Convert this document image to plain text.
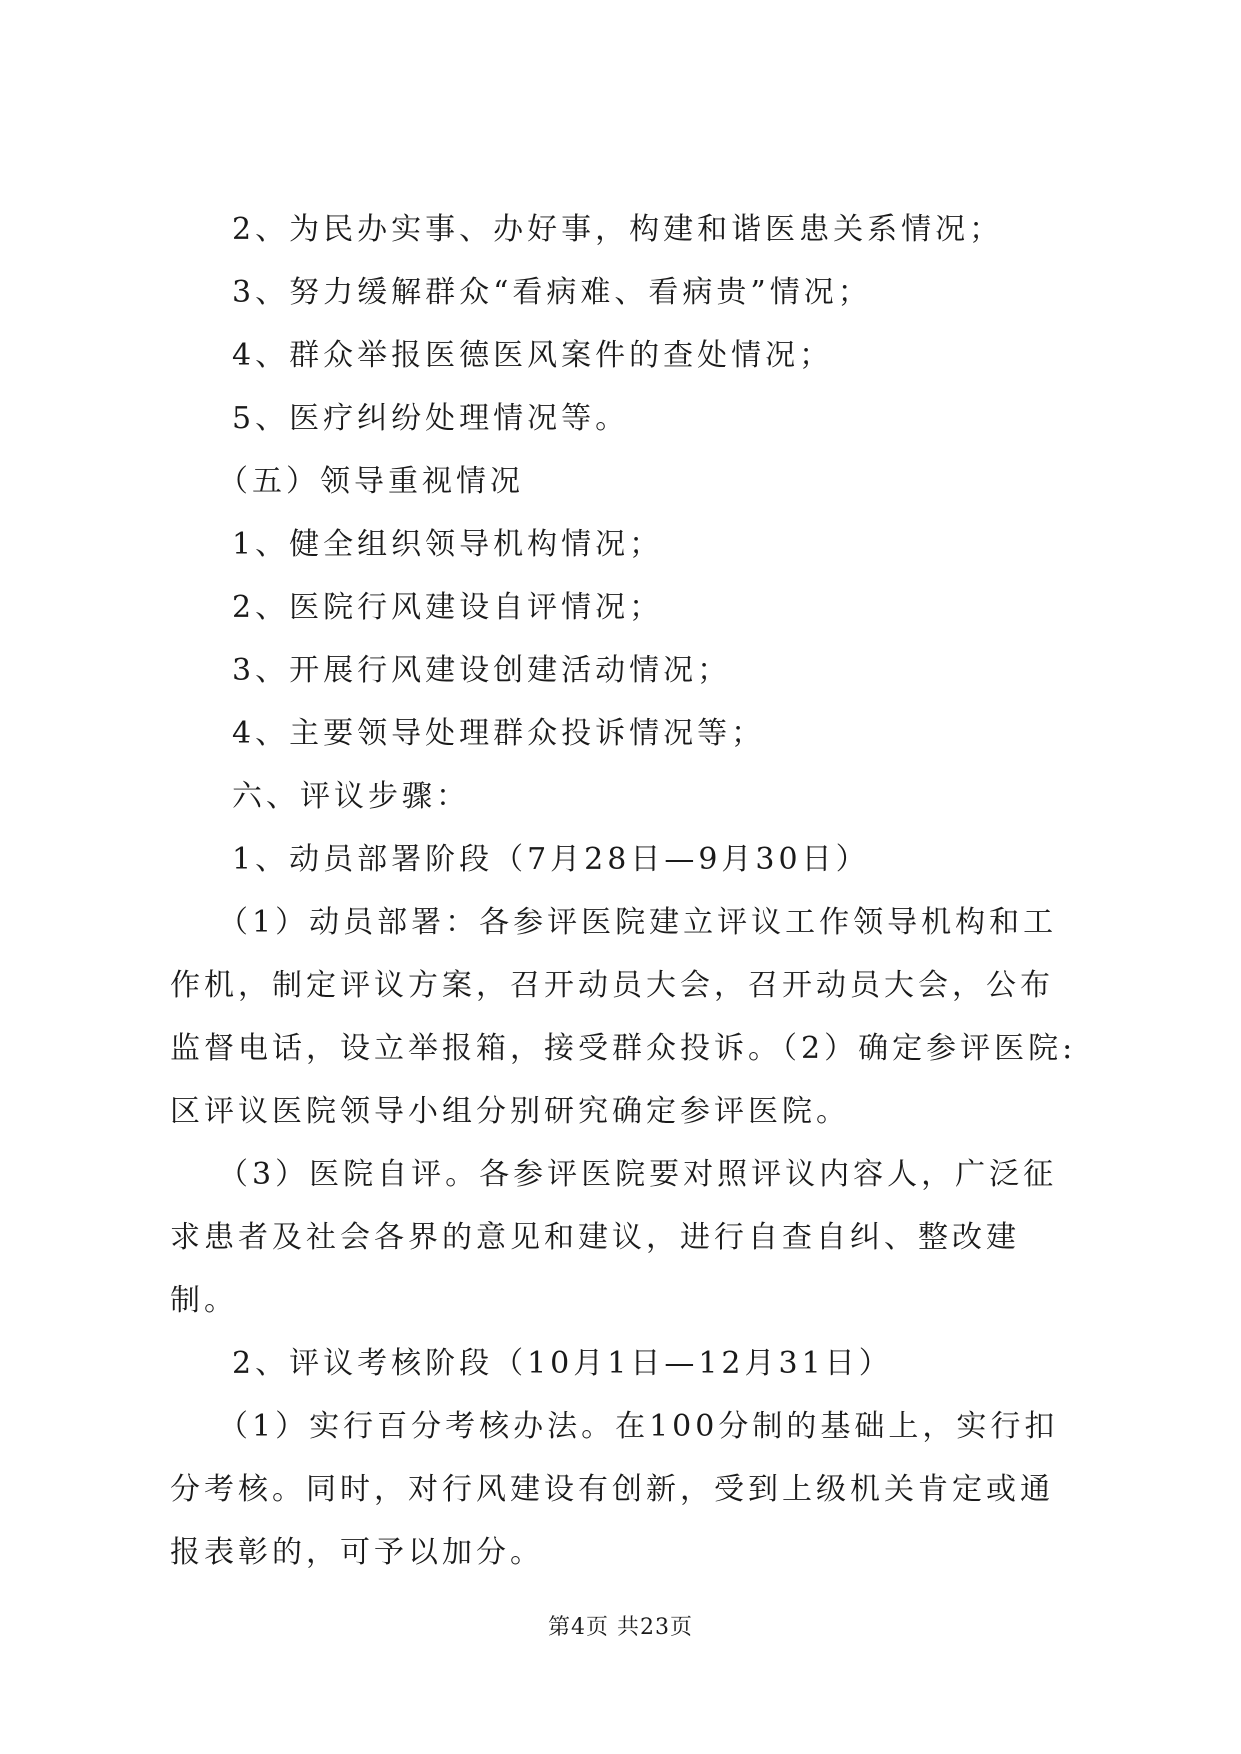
2、为民办实事、办好事，构建和谐医患关系情况；

3、努力缓解群众“看病难、看病贵”情况；

4、群众举报医德医风案件的查处情况；

5、医疗纠纷处理情况等。

（五）领导重视情况

1、健全组织领导机构情况；

2、医院行风建设自评情况；

3、开展行风建设创建活动情况；

4、主要领导处理群众投诉情况等；

六、评议步骤：

1、动员部署阶段（7月28日—9月30日）

（1）动员部署：各参评医院建立评议工作领导机构和工作机，制定评议方案，召开动员大会，召开动员大会，公布监督电话，设立举报箱，接受群众投诉。（2）确定参评医院:区评议医院领导小组分别研究确定参评医院。

（3）医院自评。各参评医院要对照评议内容人，广泛征求患者及社会各界的意见和建议，进行自查自纠、整改建制。

2、评议考核阶段（10月1日—12月31日）

（1）实行百分考核办法。在100分制的基础上，实行扣分考核。同时，对行风建设有创新，受到上级机关肯定或通报表彰的，可予以加分。

第4页 共23页
